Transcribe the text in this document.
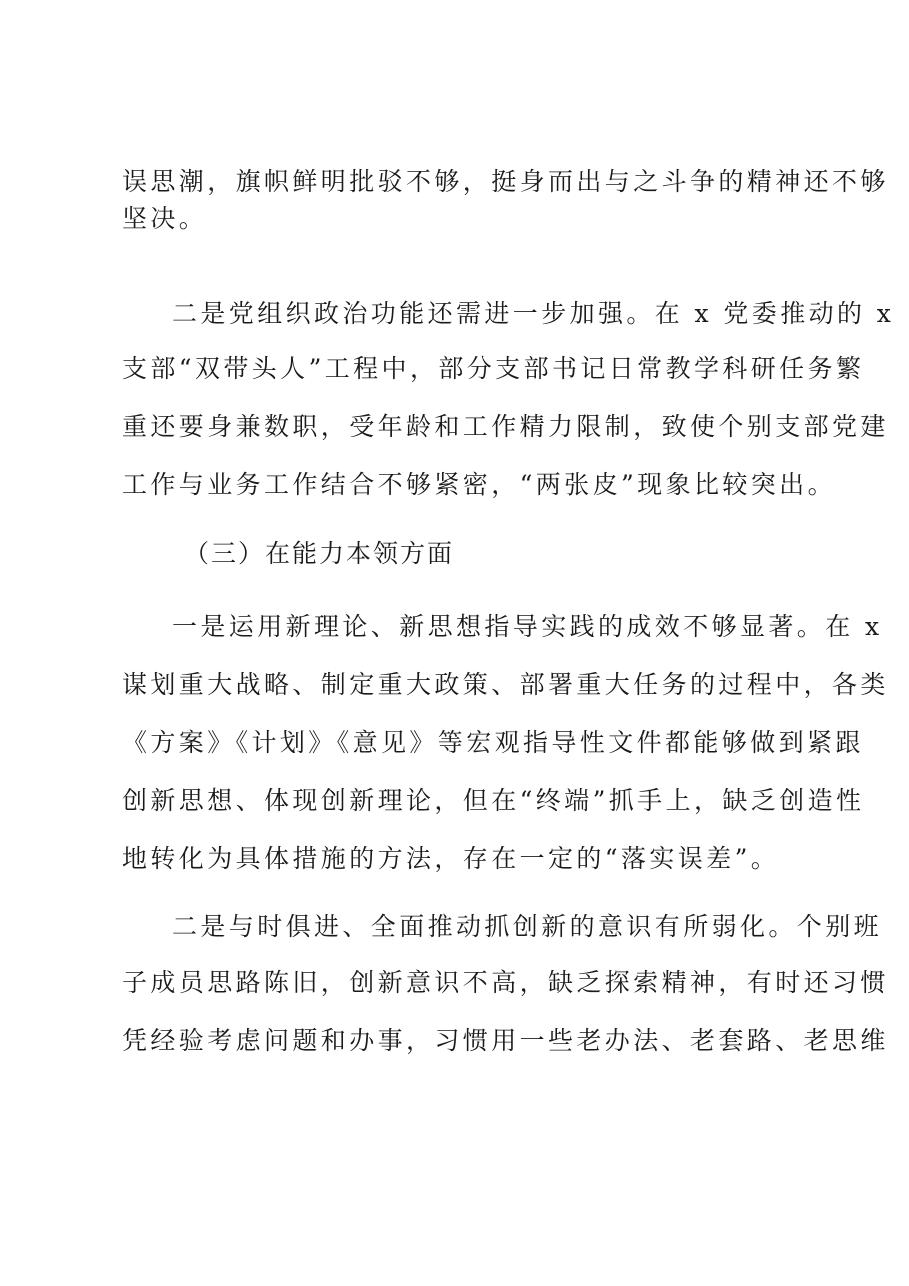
误思潮，旗帜鲜明批驳不够，挺身而出与之斗争的精神还不够
坚决。
二是党组织政治功能还需进一步加强。在 x 党委推动的 x
支部“双带头人”工程中，部分支部书记日常教学科研任务繁
重还要身兼数职，受年龄和工作精力限制，致使个别支部党建
工作与业务工作结合不够紧密，“两张皮”现象比较突出。
（三）在能力本领方面
一是运用新理论、新思想指导实践的成效不够显著。在 x
谋划重大战略、制定重大政策、部署重大任务的过程中，各类
《方案》《计划》《意见》等宏观指导性文件都能够做到紧跟
创新思想、体现创新理论，但在“终端”抓手上，缺乏创造性
地转化为具体措施的方法，存在一定的“落实误差”。
二是与时俱进、全面推动抓创新的意识有所弱化。个别班
子成员思路陈旧，创新意识不高，缺乏探索精神，有时还习惯
凭经验考虑问题和办事，习惯用一些老办法、老套路、老思维
